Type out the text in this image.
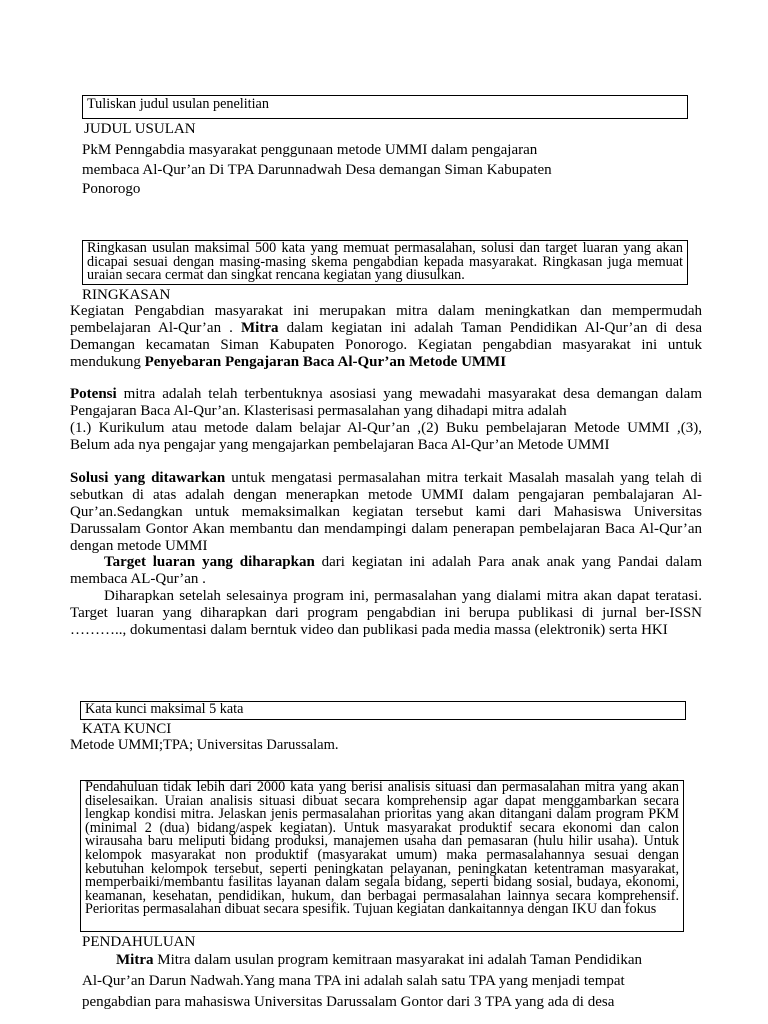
Tuliskan judul usulan penelitian
JUDUL USULAN
PkM Penngabdia masyarakat penggunaan metode UMMI dalam pengajaran
membaca Al-Qur’an Di TPA Darunnadwah Desa demangan Siman Kabupaten
Ponorogo
Ringkasan usulan maksimal 500 kata yang memuat permasalahan, solusi dan target luaran yang akan dicapai sesuai dengan masing-masing skema pengabdian kepada masyarakat. Ringkasan juga memuat uraian secara cermat dan singkat rencana kegiatan yang diusulkan.
RINGKASAN
Kegiatan Pengabdian masyarakat ini merupakan mitra dalam meningkatkan dan mempermudah pembelajaran Al-Qur’an . Mitra dalam kegiatan ini adalah Taman Pendidikan Al-Qur’an di desa Demangan kecamatan Siman Kabupaten Ponorogo. Kegiatan pengabdian masyarakat ini untuk mendukung Penyebaran Pengajaran Baca Al-Qur’an Metode UMMI
Potensi mitra adalah telah terbentuknya asosiasi yang mewadahi masyarakat desa demangan dalam Pengajaran Baca Al-Qur’an. Klasterisasi permasalahan yang dihadapi mitra adalah
(1.) Kurikulum atau metode dalam belajar Al-Qur’an ,(2) Buku pembelajaran Metode UMMI ,(3), Belum ada nya pengajar yang mengajarkan pembelajaran Baca Al-Qur’an Metode UMMI
Solusi yang ditawarkan untuk mengatasi permasalahan mitra terkait Masalah masalah yang telah di sebutkan di atas adalah dengan menerapkan metode UMMI dalam pengajaran pembalajaran Al-Qur’an.Sedangkan untuk memaksimalkan kegiatan tersebut kami dari Mahasiswa Universitas Darussalam Gontor Akan membantu dan mendampingi dalam penerapan pembelajaran Baca Al-Qur’an dengan metode UMMI
Target luaran yang diharapkan dari kegiatan ini adalah Para anak anak yang Pandai dalam membaca AL-Qur’an .
Diharapkan setelah selesainya program ini, permasalahan yang dialami mitra akan dapat teratasi. Target luaran yang diharapkan dari program pengabdian ini berupa publikasi di jurnal ber-ISSN ……….., dokumentasi dalam berntuk video dan publikasi pada media massa (elektronik) serta HKI
Kata kunci maksimal 5 kata
KATA KUNCI
Metode UMMI;TPA; Universitas Darussalam.
Pendahuluan tidak lebih dari 2000 kata yang berisi analisis situasi dan permasalahan mitra yang akan diselesaikan. Uraian analisis situasi dibuat secara komprehensip agar dapat menggambarkan secara lengkap kondisi mitra. Jelaskan jenis permasalahan prioritas yang akan ditangani dalam program PKM (minimal 2 (dua) bidang/aspek kegiatan). Untuk masyarakat produktif secara ekonomi dan calon wirausaha baru meliputi bidang produksi, manajemen usaha dan pemasaran (hulu hilir usaha). Untuk kelompok masyarakat non produktif (masyarakat umum) maka permasalahannya sesuai dengan kebutuhan kelompok tersebut, seperti peningkatan pelayanan, peningkatan ketentraman masyarakat, memperbaiki/membantu fasilitas layanan dalam segala bidang, seperti bidang sosial, budaya, ekonomi, keamanan, kesehatan, pendidikan, hukum, dan berbagai permasalahan lainnya secara komprehensif. Perioritas permasalahan dibuat secara spesifik. Tujuan kegiatan dankaitannya dengan IKU dan fokus
PENDAHULUAN
Mitra Mitra dalam usulan program kemitraan masyarakat ini adalah Taman Pendidikan
Al-Qur’an Darun Nadwah.Yang mana TPA ini adalah salah satu TPA yang menjadi tempat
pengabdian para mahasiswa Universitas Darussalam Gontor dari 3 TPA yang ada di desa
